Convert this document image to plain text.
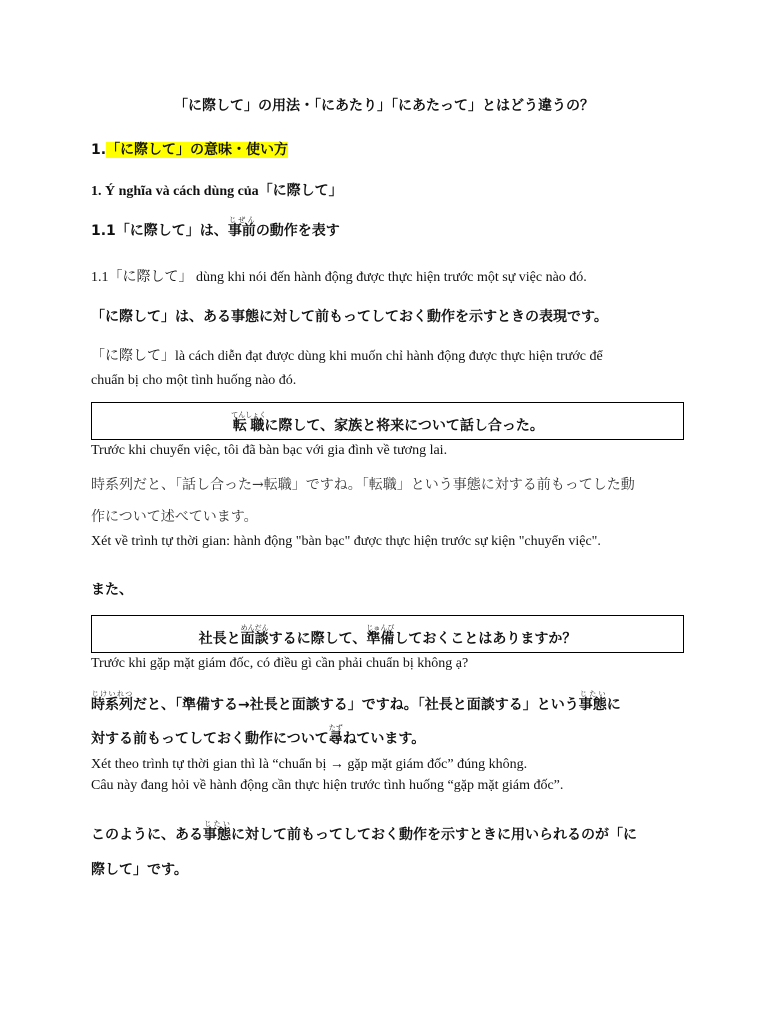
「に際して」の用法・「にあたり」「にあたって」とはどう違うの？
1.「に際して」の意味・使い方
1. Ý nghĩa và cách dùng của「に際して」
1.1「に際して」は、事前じぜんの動作を表す
1.1「に際して」 dùng khi nói đến hành động được thực hiện trước một sự việc nào đó.
「に際して」は、ある事態に対して前もってしておく動作を示すときの表現です。
「に際して」là cách diễn đạt được dùng khi muốn chỉ hành động được thực hiện trước để
chuẩn bị cho một tình huống nào đó.
転職てんしょくに際して、家族と将来について話し合った。
Trước khi chuyển việc, tôi đã bàn bạc với gia đình về tương lai.
時系列だと、「話し合った→転職」ですね。「転職」という事態に対する前もってした動
作について述べています。
Xét về trình tự thời gian: hành động "bàn bạc" được thực hiện trước sự kiện "chuyển việc".
また、
社長と面談めんだんするに際して、準備じゅんびしておくことはありますか？
Trước khi gặp mặt giám đốc, có điều gì cần phải chuẩn bị không ạ?
時系列じけいれつだと、「準備する→社長と面談する」ですね。「社長と面談する」という事態じたいに
対する前もってしておく動作について尋たずねています。
Xét theo trình tự thời gian thì là “chuẩn bị → gặp mặt giám đốc” đúng không.
Câu này đang hỏi về hành động cần thực hiện trước tình huống “gặp mặt giám đốc”.
このように、ある事態じたいに対して前もってしておく動作を示すときに用いられるのが「に
際して」です。
